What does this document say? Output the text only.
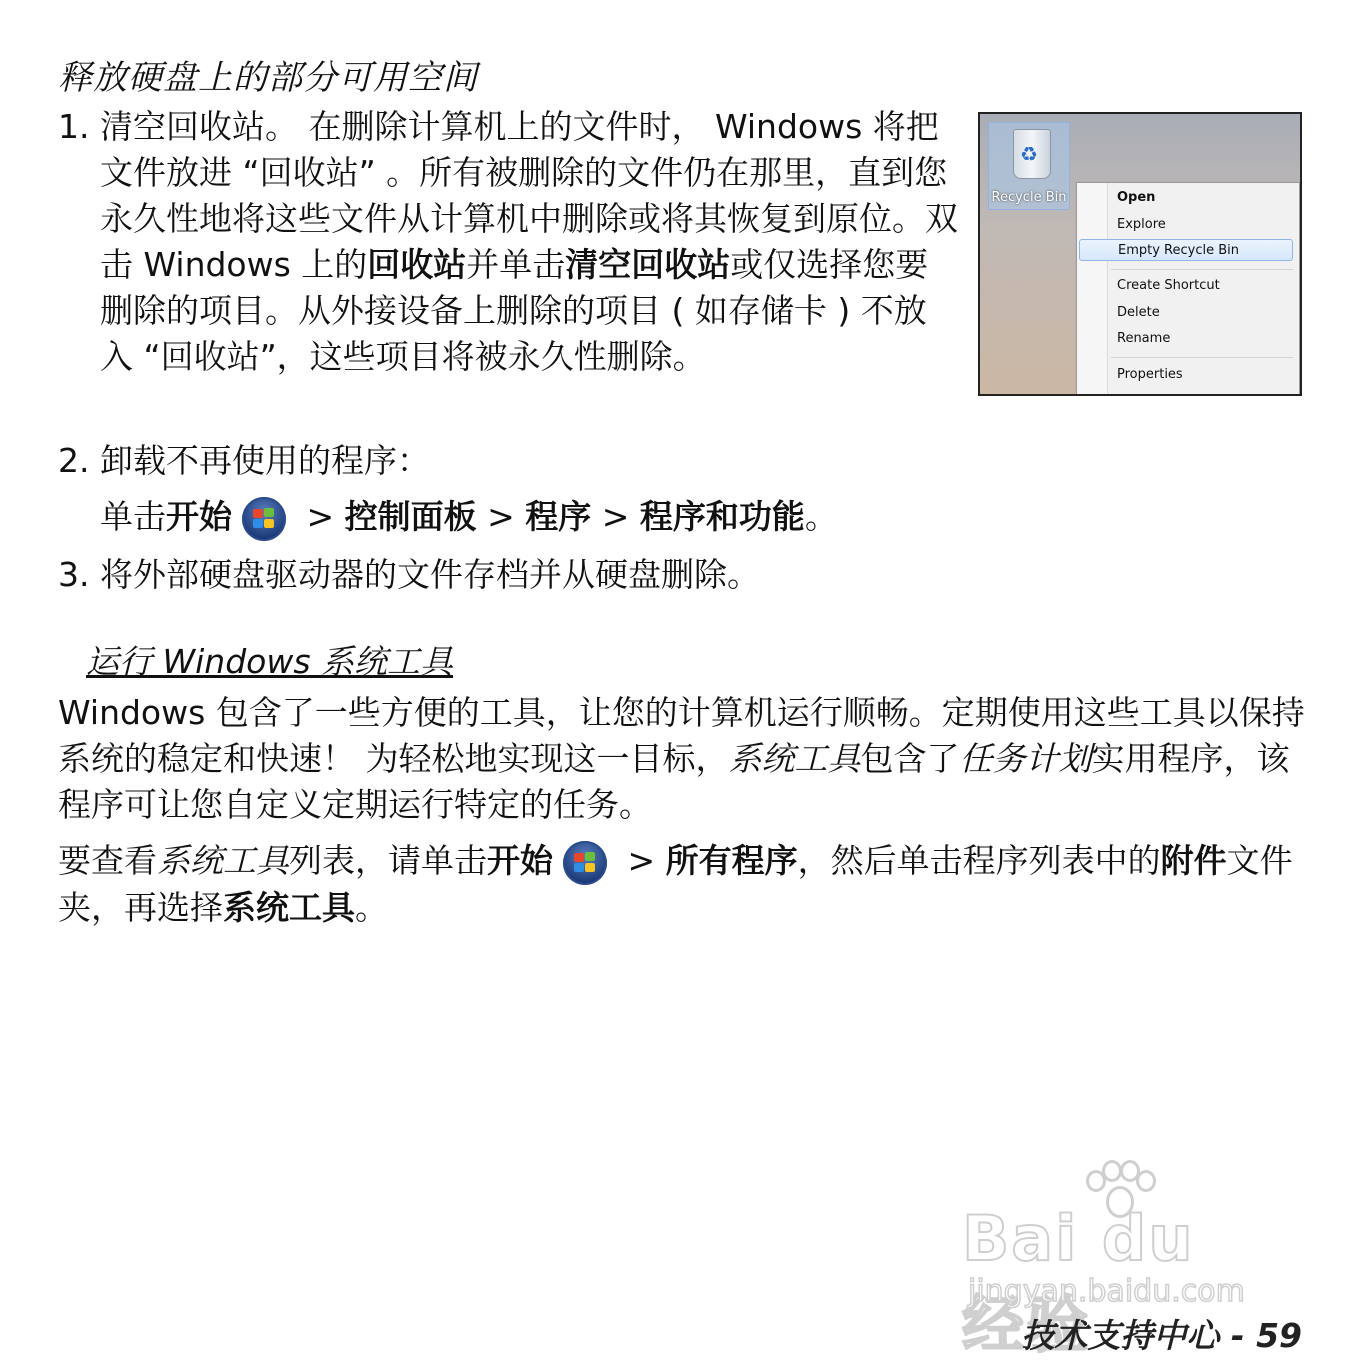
释放硬盘上的部分可用空间
1. 清空回收站。 在删除计算机上的文件时， Windows 将把文件放进 “回收站” 。所有被删除的文件仍在那里，直到您永久性地将这些文件从计算机中删除或将其恢复到原位。双击 Windows 上的回收站并单击清空回收站或仅选择您要删除的项目。从外接设备上删除的项目 ( 如存储卡 ) 不放入 “回收站”，这些项目将被永久性删除。
♻
Recycle Bin	Open
Explore
Empty Recycle Bin
Create Shortcut
Delete
Rename
Properties
2. 卸载不再使用的程序：
单击开始
> 控制面板 > 程序 > 程序和功能。
3. 将外部硬盘驱动器的文件存档并从硬盘删除。
运行 Windows 系统工具
Windows 包含了一些方便的工具，让您的计算机运行顺畅。定期使用这些工具以保持系统的稳定和快速！ 为轻松地实现这一目标，系统工具包含了任务计划实用程序，该程序可让您自定义定期运行特定的任务。
要查看系统工具列表，请单击开始
> 所有程序，然后单击程序列表中的附件文件夹，再选择系统工具。
Bai du 经验
jingyan.baidu.com
技术支持中心 - 59
